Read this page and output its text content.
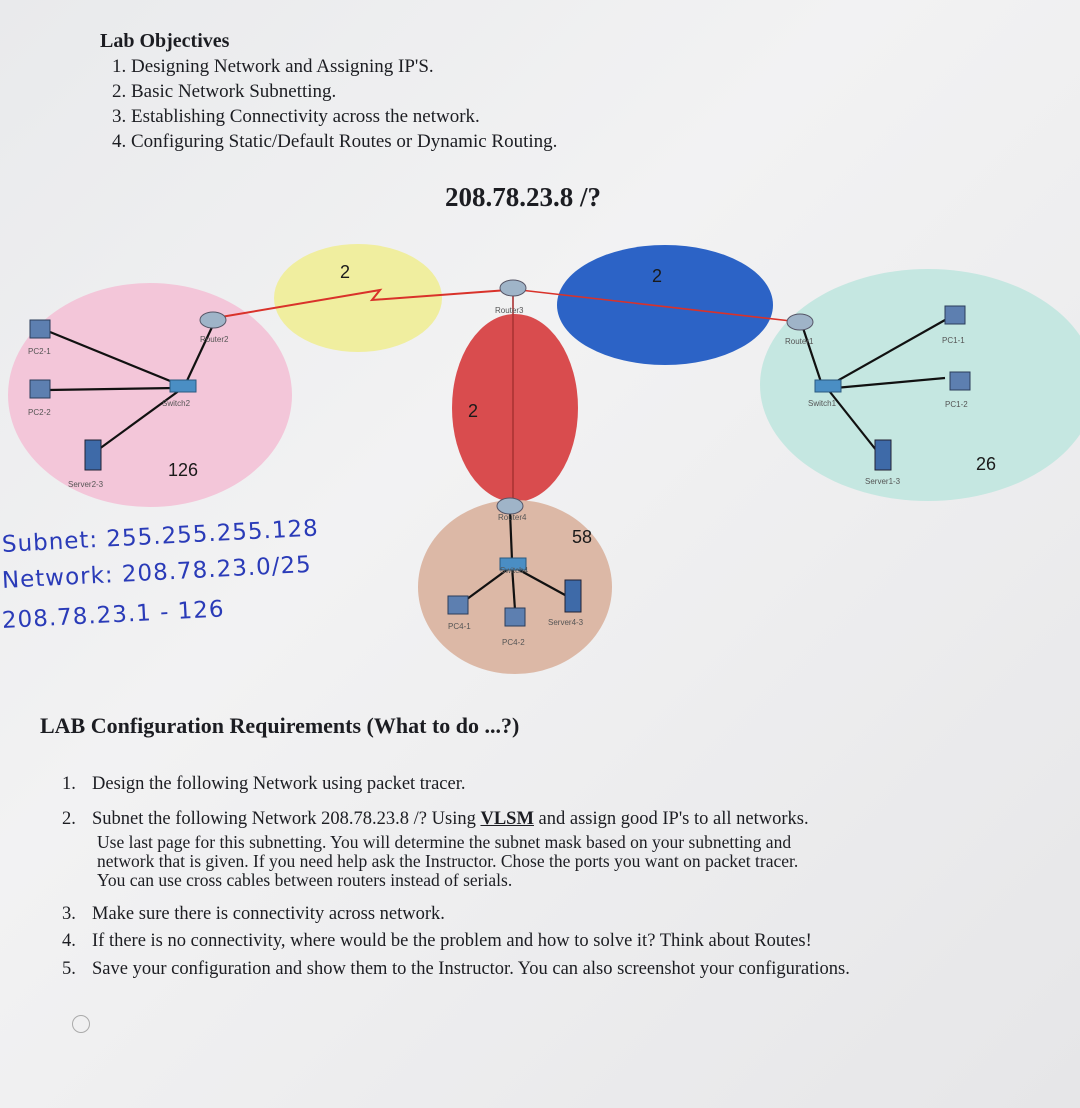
Lab Objectives
1. Designing Network and Assigning IP'S.
2. Basic Network Subnetting.
3. Establishing Connectivity across the network.
4. Configuring Static/Default Routes or Dynamic Routing.
208.78.23.8 /?
Router2
Router3
Router1
Router4
Switch2	Switch1
Switch4
PC2-1
PC2-2
Server2-3
PC1-1
PC1-2
Server1-3
PC4-1
PC4-2
Server4-3
2	2
2
126	26
58
Subnet: 255.255.255.128
Network: 208.78.23.0/25
208.78.23.1 - 126
LAB Configuration Requirements (What to do ...?)
1. Design the following Network using packet tracer.
2. Subnet the following Network 208.78.23.8 /? Using VLSM and assign good IP's to all networks.
Use last page for this subnetting. You will determine the subnet mask based on your subnetting and
network that is given. If you need help ask the Instructor. Chose the ports you want on packet tracer.
You can use cross cables between routers instead of serials.
3. Make sure there is connectivity across network.
4. If there is no connectivity, where would be the problem and how to solve it? Think about Routes!
5. Save your configuration and show them to the Instructor. You can also screenshot your configurations.
